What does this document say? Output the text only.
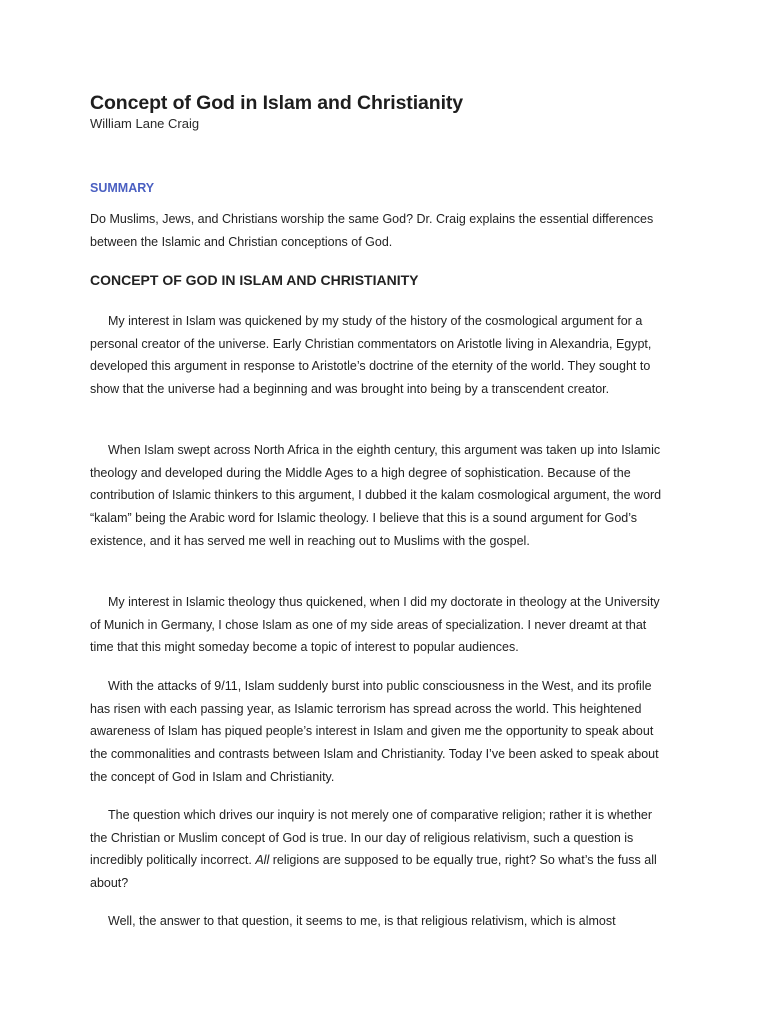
Concept of God in Islam and Christianity
William Lane Craig
SUMMARY

Do Muslims, Jews, and Christians worship the same God? Dr. Craig explains the essential differences between the Islamic and Christian conceptions of God.

CONCEPT OF GOD IN ISLAM AND CHRISTIANITY

My interest in Islam was quickened by my study of the history of the cosmological argument for a personal creator of the universe. Early Christian commentators on Aristotle living in Alexandria, Egypt, developed this argument in response to Aristotle’s doctrine of the eternity of the world. They sought to show that the universe had a beginning and was brought into being by a transcendent creator.

When Islam swept across North Africa in the eighth century, this argument was taken up into Islamic theology and developed during the Middle Ages to a high degree of sophistication. Because of the contribution of Islamic thinkers to this argument, I dubbed it the kalam cosmological argument, the word “kalam” being the Arabic word for Islamic theology. I believe that this is a sound argument for God’s existence, and it has served me well in reaching out to Muslims with the gospel.

My interest in Islamic theology thus quickened, when I did my doctorate in theology at the University of Munich in Germany, I chose Islam as one of my side areas of specialization. I never dreamt at that time that this might someday become a topic of interest to popular audiences.

With the attacks of 9/11, Islam suddenly burst into public consciousness in the West, and its profile has risen with each passing year, as Islamic terrorism has spread across the world. This heightened awareness of Islam has piqued people’s interest in Islam and given me the opportunity to speak about the commonalities and contrasts between Islam and Christianity. Today I’ve been asked to speak about the concept of God in Islam and Christianity.

The question which drives our inquiry is not merely one of comparative religion; rather it is whether the Christian or Muslim concept of God is true. In our day of religious relativism, such a question is incredibly politically incorrect. All religions are supposed to be equally true, right? So what’s the fuss all about?

Well, the answer to that question, it seems to me, is that religious relativism, which is almost
